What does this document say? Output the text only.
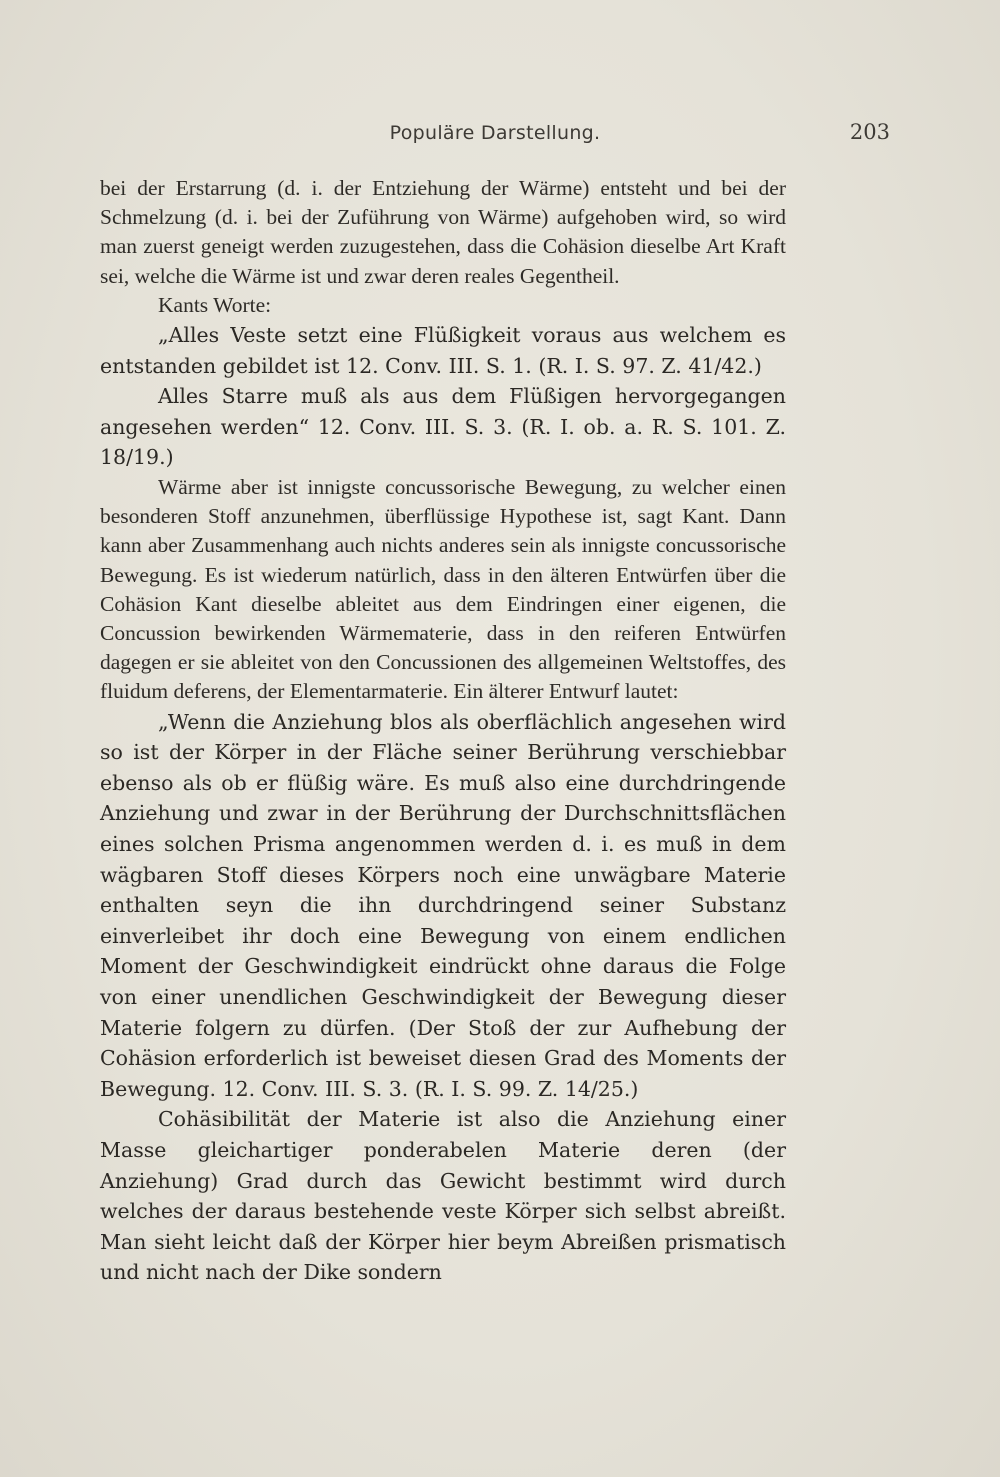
Populäre Darstellung.	203

bei der Erstarrung (d. i. der Entziehung der Wärme) entsteht und bei der Schmelzung (d. i. bei der Zuführung von Wärme) aufgehoben wird, so wird man zuerst geneigt werden zuzugestehen, dass die Cohäsion dieselbe Art Kraft sei, welche die Wärme ist und zwar deren reales Gegentheil.

Kants Worte:

„Alles Veste setzt eine Flüßigkeit voraus aus welchem es entstanden gebildet ist 12. Conv. III. S. 1. (R. I. S. 97. Z. 41/42.)

Alles Starre muß als aus dem Flüßigen hervorgegangen angesehen werden“ 12. Conv. III. S. 3. (R. I. ob. a. R. S. 101. Z. 18/19.)

Wärme aber ist innigste concussorische Bewegung, zu welcher einen besonderen Stoff anzunehmen, überflüssige Hypothese ist, sagt Kant. Dann kann aber Zusammenhang auch nichts anderes sein als innigste concussorische Bewegung. Es ist wiederum natürlich, dass in den älteren Entwürfen über die Cohäsion Kant dieselbe ableitet aus dem Eindringen einer eigenen, die Concussion bewirkenden Wärmematerie, dass in den reiferen Entwürfen dagegen er sie ableitet von den Concussionen des allgemeinen Weltstoffes, des fluidum deferens, der Elementarmaterie. Ein älterer Entwurf lautet:

„Wenn die Anziehung blos als oberflächlich angesehen wird so ist der Körper in der Fläche seiner Berührung verschiebbar ebenso als ob er flüßig wäre. Es muß also eine durchdringende Anziehung und zwar in der Berührung der Durchschnittsflächen eines solchen Prisma angenommen werden d. i. es muß in dem wägbaren Stoff dieses Körpers noch eine unwägbare Materie enthalten seyn die ihn durchdringend seiner Substanz einverleibet ihr doch eine Bewegung von einem endlichen Moment der Geschwindigkeit eindrückt ohne daraus die Folge von einer unendlichen Geschwindigkeit der Bewegung dieser Materie folgern zu dürfen. (Der Stoß der zur Aufhebung der Cohäsion erforderlich ist beweiset diesen Grad des Moments der Bewegung. 12. Conv. III. S. 3. (R. I. S. 99. Z. 14/25.)

Cohäsibilität der Materie ist also die Anziehung einer Masse gleichartiger ponderabelen Materie deren (der Anziehung) Grad durch das Gewicht bestimmt wird durch welches der daraus bestehende veste Körper sich selbst abreißt. Man sieht leicht daß der Körper hier beym Abreißen prismatisch und nicht nach der Dike sondern
